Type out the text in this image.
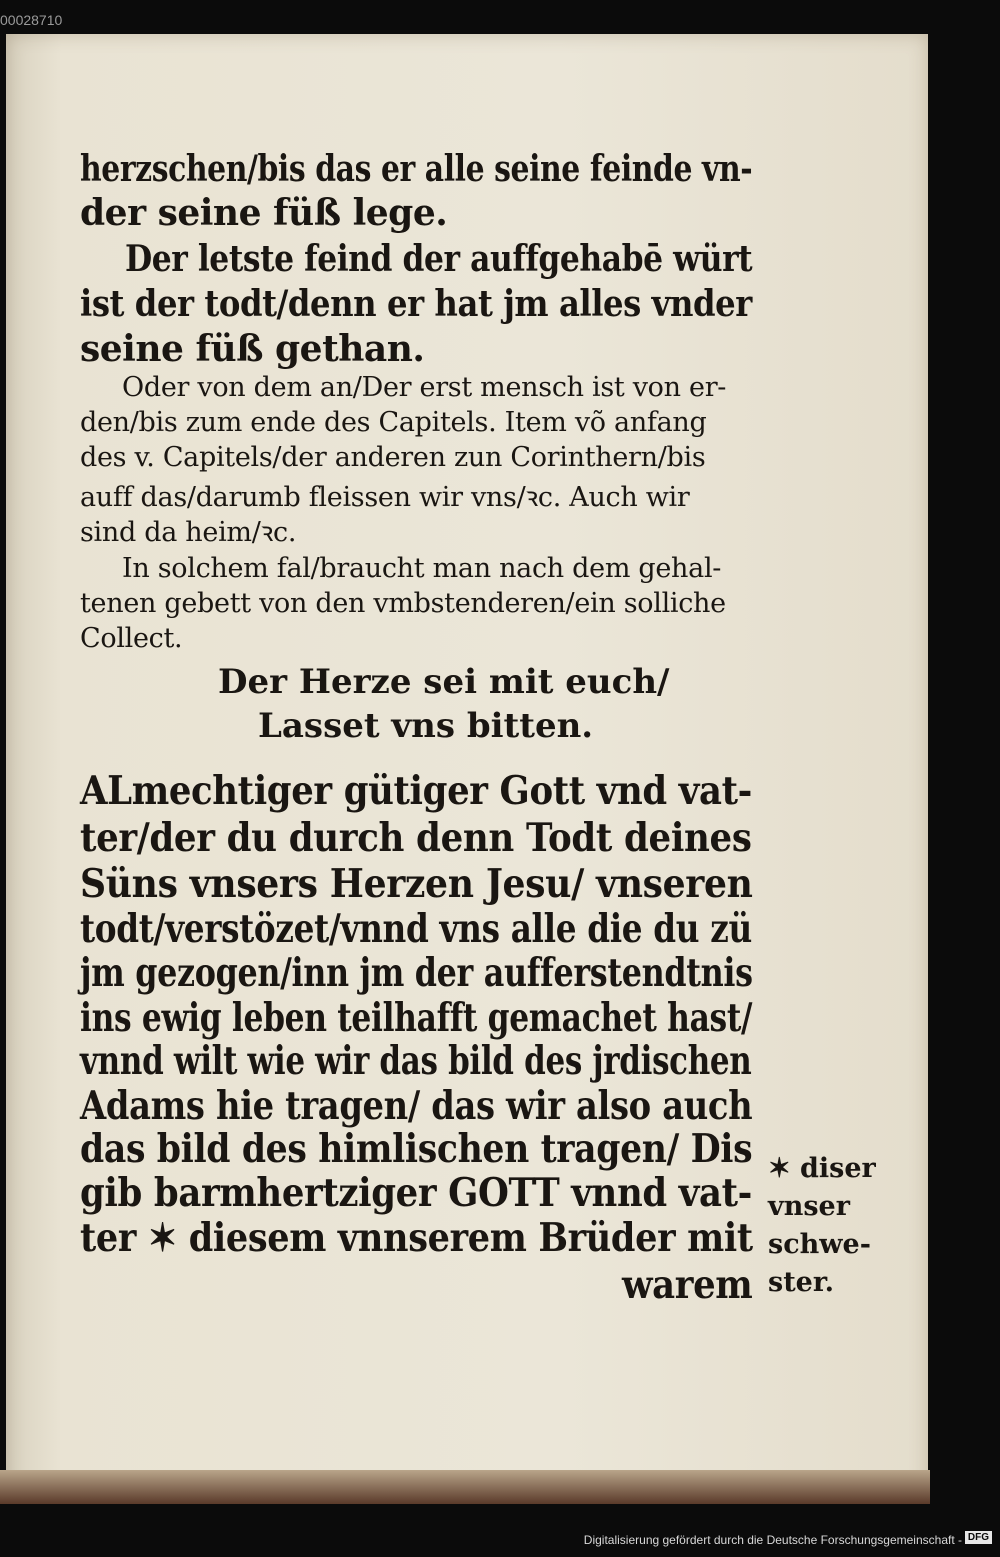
00028710
herzschen/bis das er alle seine feinde vn-
der seine füß lege.
Der letste feind der auffgehabē würt
ist der todt/denn er hat jm alles vnder
seine füß gethan.
Oder von dem an/Der erst mensch ist von er-
den/bis zum ende des Capitels. Item võ anfang
des v. Capitels/der anderen zun Corinthern/bis
auff das/darumb fleissen wir vns/ꝛc. Auch wir
sind da heim/ꝛc.
In solchem fal/braucht man nach dem gehal-
tenen gebett von den vmbstenderen/ein solliche
Collect.
Der Herze sei mit euch/
Lasset vns bitten.
ALmechtiger gütiger Gott vnd vat-
ter/der du durch denn Todt deines
Süns vnsers Herzen Jesu/ vnseren
todt/verstözet/vnnd vns alle die du zü
jm gezogen/inn jm der aufferstendtnis
ins ewig leben teilhafft gemachet hast/
vnnd wilt wie wir das bild des jrdischen
Adams hie tragen/ das wir also auch
das bild des himlischen tragen/ Dis
gib barmhertziger GOTT vnnd vat-
ter ✶ diesem vnnserem Brüder mit
warem
✶ diser
vnser
schwe-
ster.
Digitalisierung gefördert durch die Deutsche Forschungsgemeinschaft - DFG
